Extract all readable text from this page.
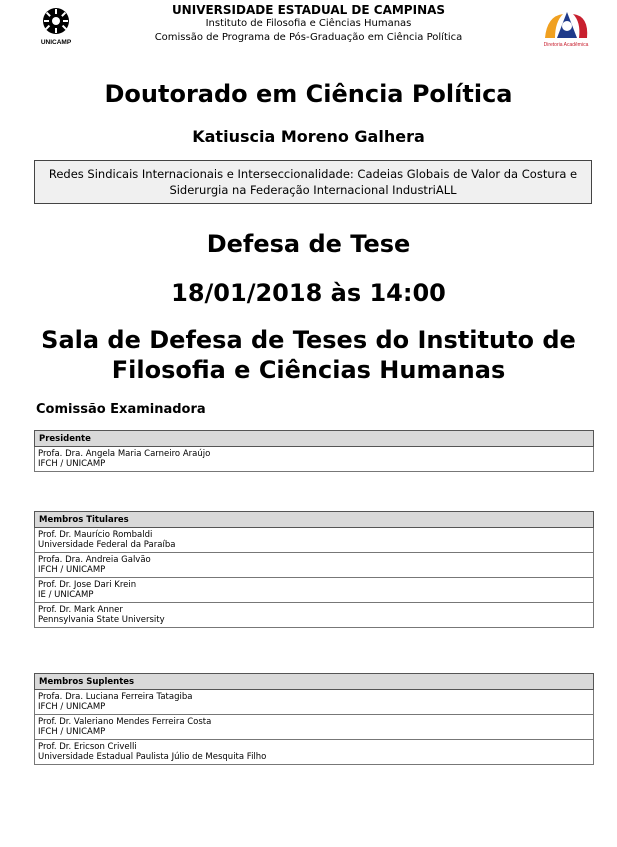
UNICAMP
UNIVERSIDADE ESTADUAL DE CAMPINAS
Instituto de Filosofia e Ciências Humanas
Comissão de Programa de Pós-Graduação em Ciência Política
Diretoria Acadêmica
Doutorado em Ciência Política
Katiuscia Moreno Galhera
Redes Sindicais Internacionais e Interseccionalidade: Cadeias Globais de Valor da Costura e Siderurgia na Federação Internacional IndustriALL
Defesa de Tese
18/01/2018 às 14:00
Sala de Defesa de Teses do Instituto de Filosofia e Ciências Humanas
Comissão Examinadora
Presidente

Profa. Dra. Angela Maria Carneiro Araújo
IFCH / UNICAMP
Membros Titulares

Prof. Dr. Maurício Rombaldi
Universidade Federal da Paraíba

Profa. Dra. Andreia Galvão
IFCH / UNICAMP

Prof. Dr. Jose Dari Krein
IE / UNICAMP

Prof. Dr. Mark Anner
Pennsylvania State University
Membros Suplentes

Profa. Dra. Luciana Ferreira Tatagiba
IFCH / UNICAMP

Prof. Dr. Valeriano Mendes Ferreira Costa
IFCH / UNICAMP

Prof. Dr. Ericson Crivelli
Universidade Estadual Paulista Júlio de Mesquita Filho
